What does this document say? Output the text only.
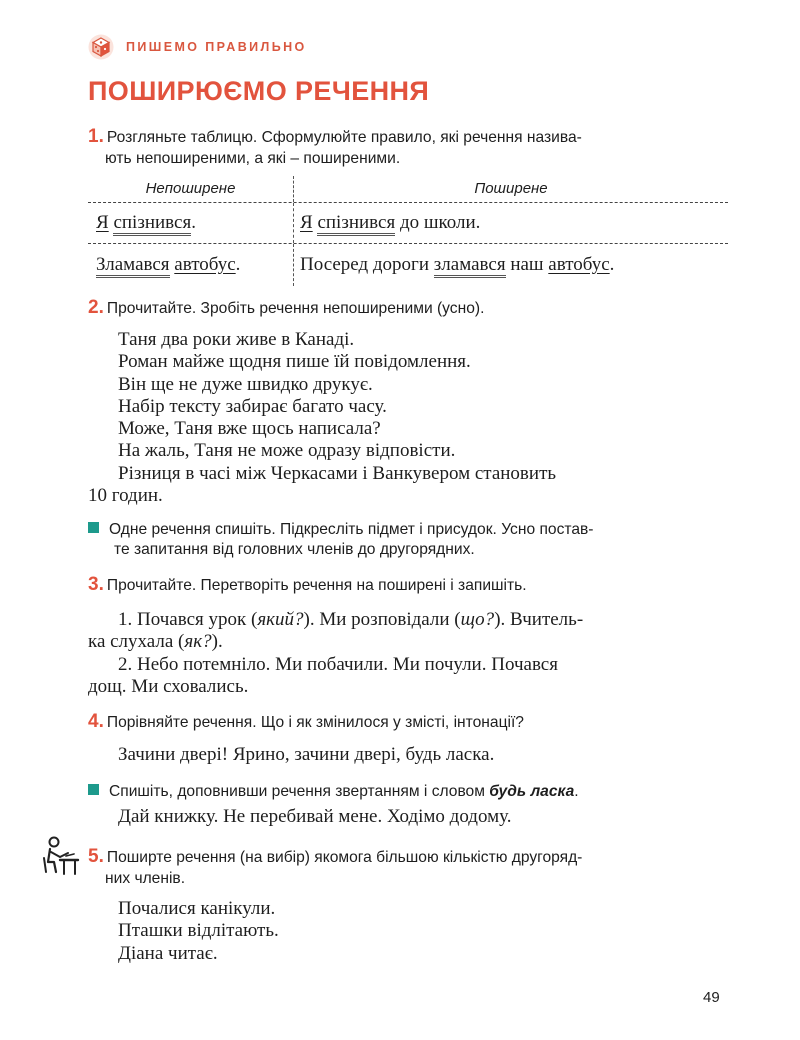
ПИШЕМО ПРАВИЛЬНО
ПОШИРЮЄМО РЕЧЕННЯ
1. Розгляньте таблицю. Сформулюйте правило, які речення назива-
ють непоширеними, а які – поширеними.
Непоширене	Поширене
Я спізнився.	Я спізнився до школи.
Зламався автобус.	Посеред дороги зламався наш автобус.
2. Прочитайте. Зробіть речення непоширеними (усно).

Таня два роки живе в Канаді.

Роман майже щодня пише їй повідомлення.

Він ще не дуже швидко друкує.

Набір тексту забирає багато часу.

Може, Таня вже щось написала?

На жаль, Таня не може одразу відповісти.

Різниця в часі між Черкасами і Ванкувером становить

10 годин.

Одне речення спишіть. Підкресліть підмет і присудок. Усно постав-
те запитання від головних членів до другорядних.
3. Прочитайте. Перетворіть речення на поширені і запишіть.

1. Почався урок (який?). Ми розповідали (що?). Вчитель-

ка слухала (як?).

2. Небо потемніло. Ми побачили. Ми почули. Почався

дощ. Ми сховались.

4. Порівняйте речення. Що і як змінилося у змісті, інтонації?

Зачини двері! Ярино, зачини двері, будь ласка.

Спишіть, доповнивши речення звертанням і словом будь ласка.

Дай книжку. Не перебивай мене. Ходімо додому.

5. Поширте речення (на вибір) якомога більшою кількістю другоряд-
них членів.

Почалися канікули.

Пташки відлітають.

Діана читає.

49
